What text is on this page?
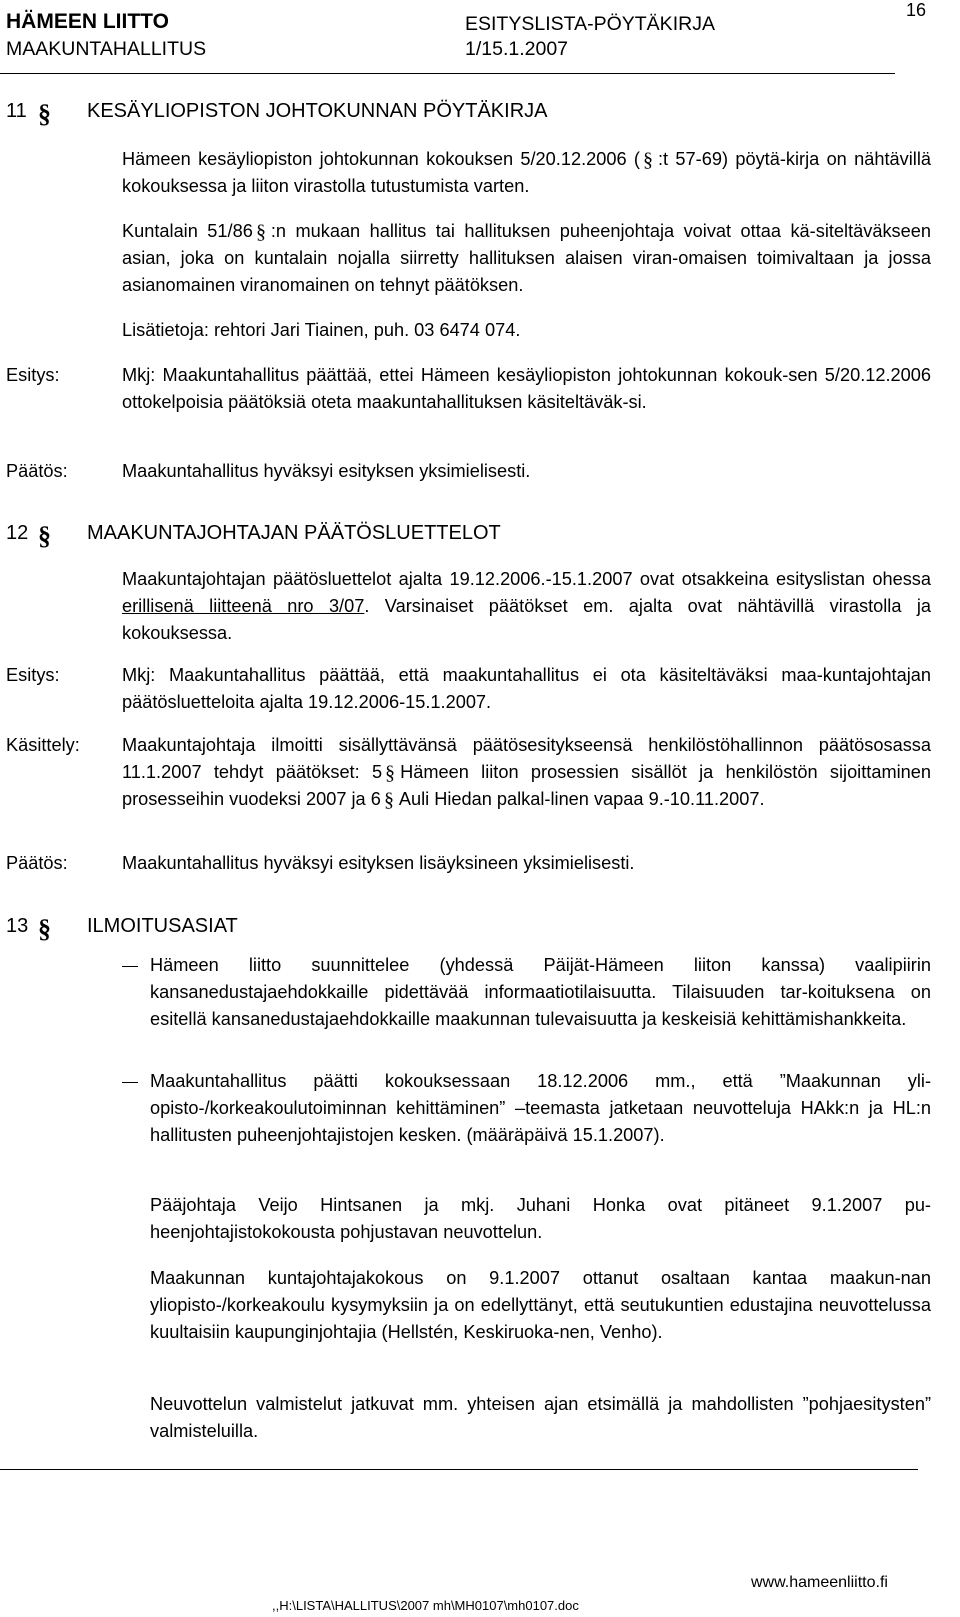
HÄMEEN LIITTO
MAAKUNTAHALLITUS
ESITYSLISTA-PÖYTÄKIRJA
1/15.1.2007
16
11 § KESÄYLIOPISTON JOHTOKUNNAN PÖYTÄKIRJA
Hämeen kesäyliopiston johtokunnan kokouksen 5/20.12.2006 ( § :t 57-69) pöytä-kirja on nähtävillä kokouksessa ja liiton virastolla tutustumista varten.
Kuntalain 51/86 § :n mukaan hallitus tai hallituksen puheenjohtaja voivat ottaa kä-siteltäväkseen asian, joka on kuntalain nojalla siirretty hallituksen alaisen viran-omaisen toimivaltaan ja jossa asianomainen viranomainen on tehnyt päätöksen.
Lisätietoja: rehtori Jari Tiainen, puh. 03 6474 074.
Esitys:	Mkj: Maakuntahallitus päättää, ettei Hämeen kesäyliopiston johtokunnan kokouk-sen 5/20.12.2006 ottokelpoisia päätöksiä oteta maakuntahallituksen käsiteltäväk-si.
Päätös:	Maakuntahallitus hyväksyi esityksen yksimielisesti.
12 § MAAKUNTAJOHTAJAN PÄÄTÖSLUETTELOT
Maakuntajohtajan päätösluettelot ajalta 19.12.2006.-15.1.2007 ovat otsakkeina esityslistan ohessa erillisenä liitteenä nro 3/07. Varsinaiset päätökset em. ajalta ovat nähtävillä virastolla ja kokouksessa.
Esitys:	Mkj: Maakuntahallitus päättää, että maakuntahallitus ei ota käsiteltäväksi maa-kuntajohtajan päätösluetteloita ajalta 19.12.2006-15.1.2007.
Käsittely: Maakuntajohtaja ilmoitti sisällyttävänsä päätösesitykseensä henkilöstöhallinnon päätösosassa 11.1.2007 tehdyt päätökset: 5 § Hämeen liiton prosessien sisällöt ja henkilöstön sijoittaminen prosesseihin vuodeksi 2007 ja 6 § Auli Hiedan palkal-linen vapaa 9.-10.11.2007.
Päätös:	Maakuntahallitus hyväksyi esityksen lisäyksineen yksimielisesti.
13 § ILMOITUSASIAT
Hämeen liitto suunnittelee (yhdessä Päijät-Hämeen liiton kanssa) vaalipiirin kansanedustajaehdokkaille pidettävää informaatiotilaisuutta. Tilaisuuden tar-koituksena on esitellä kansanedustajaehdokkaille maakunnan tulevaisuutta ja keskeisiä kehittämishankkeita.
Maakuntahallitus päätti kokouksessaan 18.12.2006 mm., että ”Maakunnan yli-opisto-/korkeakoulutoiminnan kehittäminen” –teemasta jatketaan neuvotteluja HAkk:n ja HL:n hallitusten puheenjohtajistojen kesken. (määräpäivä 15.1.2007).
Pääjohtaja Veijo Hintsanen ja mkj. Juhani Honka ovat pitäneet 9.1.2007 pu-heenjohtajistokokousta pohjustavan neuvottelun.
Maakunnan kuntajohtajakokous on 9.1.2007 ottanut osaltaan kantaa maakun-nan yliopisto-/korkeakoulu kysymyksiin ja on edellyttänyt, että seutukuntien edustajina neuvottelussa kuultaisiin kaupunginjohtajia (Hellstén, Keskiruoka-nen, Venho).
Neuvottelun valmistelut jatkuvat mm. yhteisen ajan etsimällä ja mahdollisten ”pohjaesitysten” valmisteluilla.
www.hameenliitto.fi
,,H:\LISTA\HALLITUS\2007 mh\MH0107\mh0107.doc
